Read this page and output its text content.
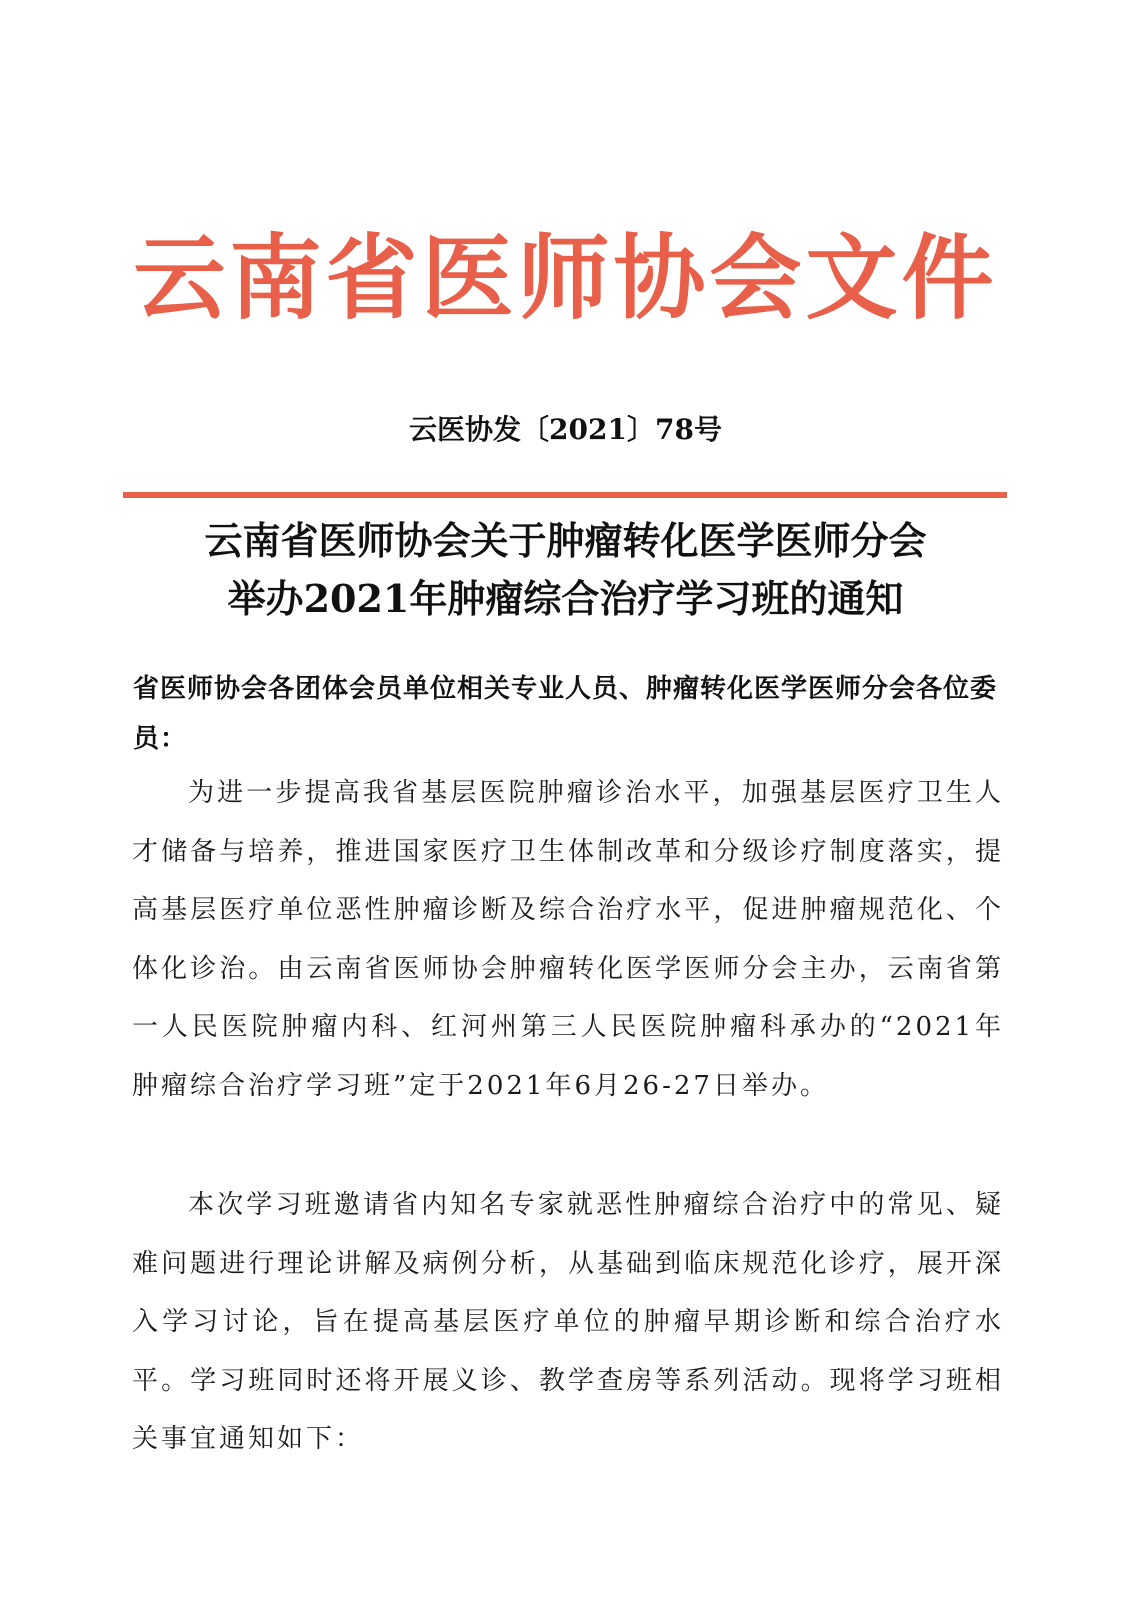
云南省医师协会文件
云医协发〔2021〕78号
云南省医师协会关于肿瘤转化医学医师分会
举办2021年肿瘤综合治疗学习班的通知
省医师协会各团体会员单位相关专业人员、肿瘤转化医学医师分会各位委员：
为进一步提高我省基层医院肿瘤诊治水平，加强基层医疗卫生人才储备与培养，推进国家医疗卫生体制改革和分级诊疗制度落实，提高基层医疗单位恶性肿瘤诊断及综合治疗水平，促进肿瘤规范化、个体化诊治。由云南省医师协会肿瘤转化医学医师分会主办，云南省第一人民医院肿瘤内科、红河州第三人民医院肿瘤科承办的“2021年肿瘤综合治疗学习班”定于2021年6月26-27日举办。
本次学习班邀请省内知名专家就恶性肿瘤综合治疗中的常见、疑难问题进行理论讲解及病例分析，从基础到临床规范化诊疗，展开深入学习讨论，旨在提高基层医疗单位的肿瘤早期诊断和综合治疗水平。学习班同时还将开展义诊、教学查房等系列活动。现将学习班相关事宜通知如下：
